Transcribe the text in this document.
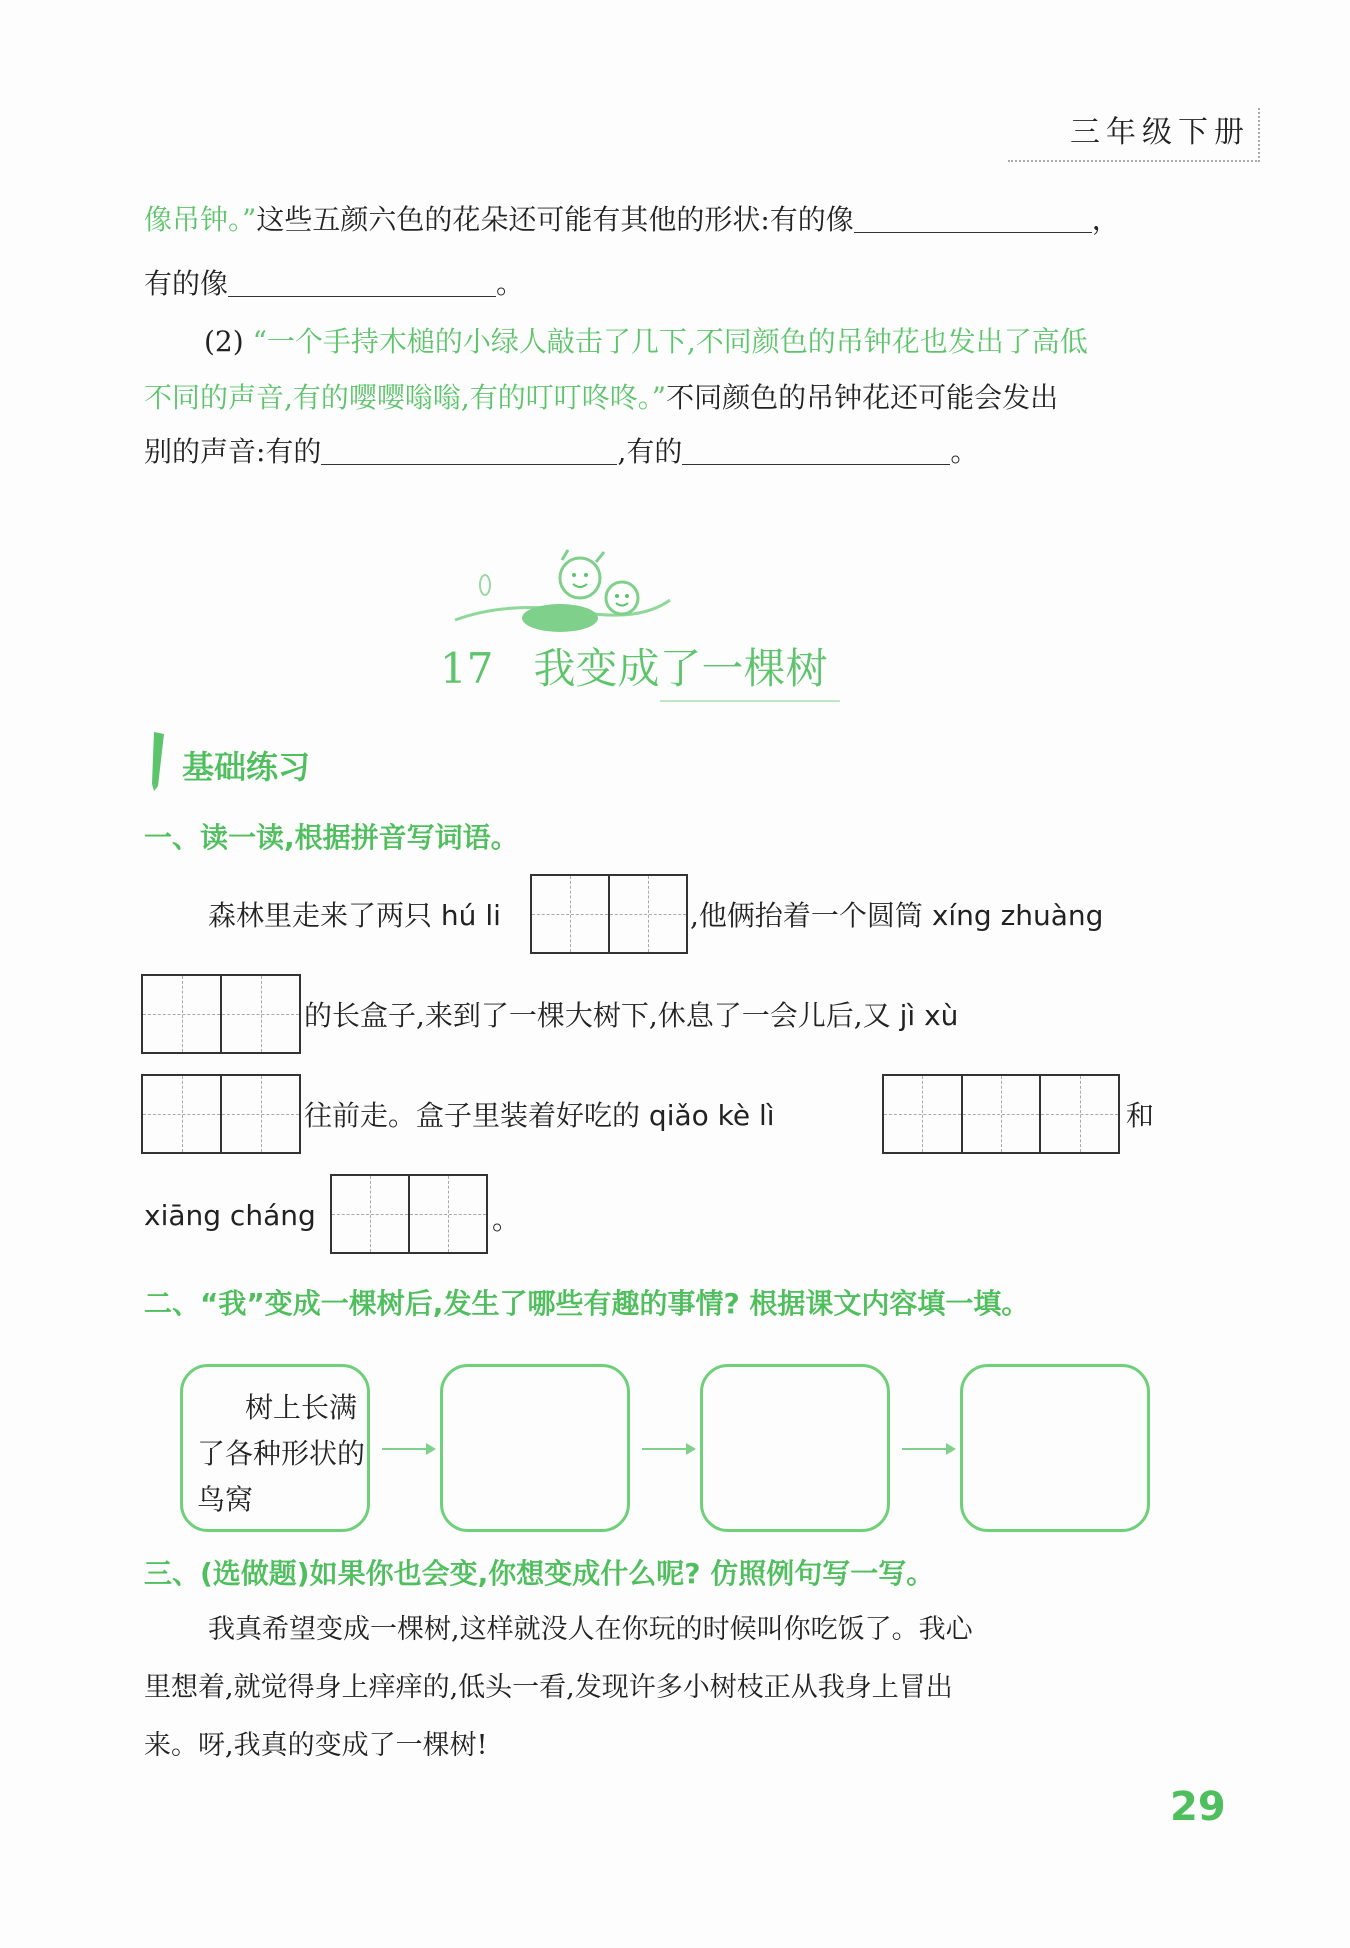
三年级下册
像吊钟。”这些五颜六色的花朵还可能有其他的形状:有的像	，
有的像	。
(2) “一个手持木槌的小绿人敲击了几下,不同颜色的吊钟花也发出了高低
不同的声音,有的嘤嘤嗡嗡,有的叮叮咚咚。”不同颜色的吊钟花还可能会发出
别的声音:有的	,有的	。
17 我变成了一棵树
基础练习
一、读一读,根据拼音写词语。
森林里走来了两只 hú li	,他俩抬着一个圆筒 xíng zhuàng
的长盒子,来到了一棵大树下,休息了一会儿后,又 jì xù
往前走。盒子里装着好吃的 qiǎo kè lì	和
xiāng cháng	。
二、“我”变成一棵树后,发生了哪些有趣的事情? 根据课文内容填一填。
树上长满
了各种形状的
鸟窝
三、(选做题)如果你也会变,你想变成什么呢? 仿照例句写一写。
我真希望变成一棵树,这样就没人在你玩的时候叫你吃饭了。我心
里想着,就觉得身上痒痒的,低头一看,发现许多小树枝正从我身上冒出
来。呀,我真的变成了一棵树!
29
